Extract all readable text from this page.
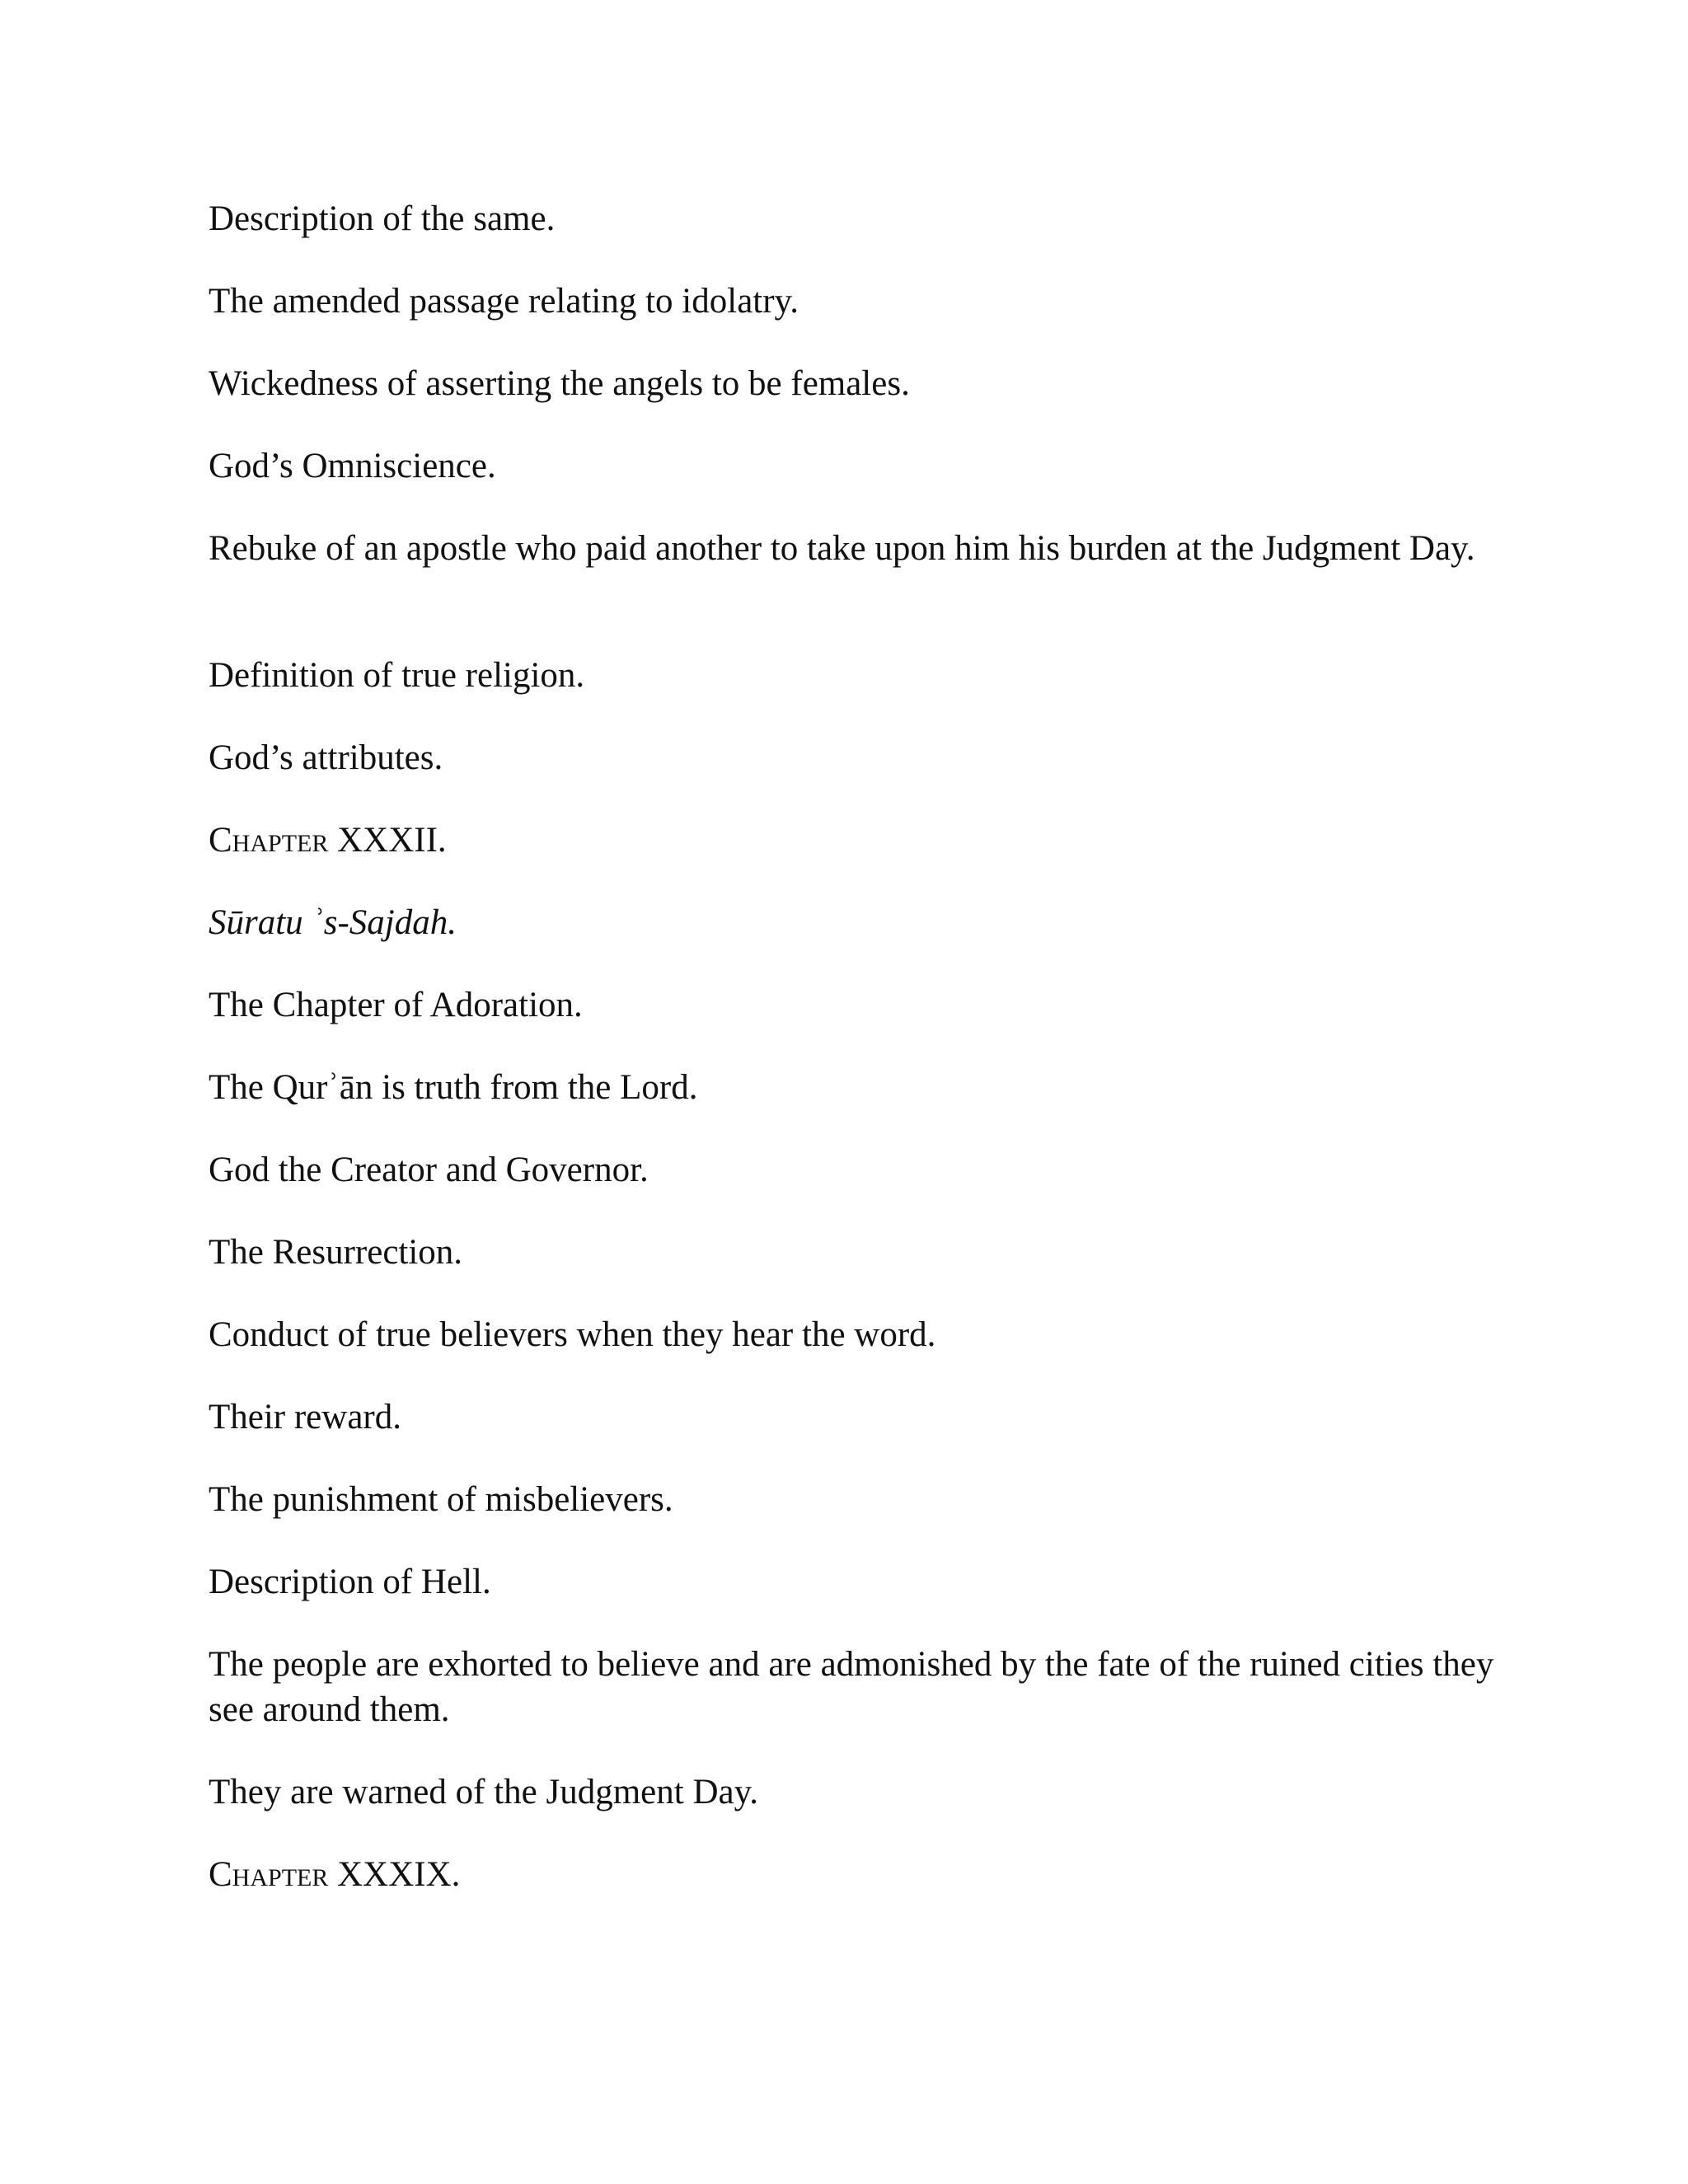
Description of the same.

The amended passage relating to idolatry.

Wickedness of asserting the angels to be females.

God’s Omniscience.

Rebuke of an apostle who paid another to take upon him his burden at the Judgment Day.

Definition of true religion.

God’s attributes.

Chapter XXXII.

Sūratu ʾs-Sajdah.

The Chapter of Adoration.

The Qurʾān is truth from the Lord.

God the Creator and Governor.

The Resurrection.

Conduct of true believers when they hear the word.

Their reward.

The punishment of misbelievers.

Description of Hell.

The people are exhorted to believe and are admonished by the fate of the ruined cities they see around them.

They are warned of the Judgment Day.

Chapter XXXIX.
